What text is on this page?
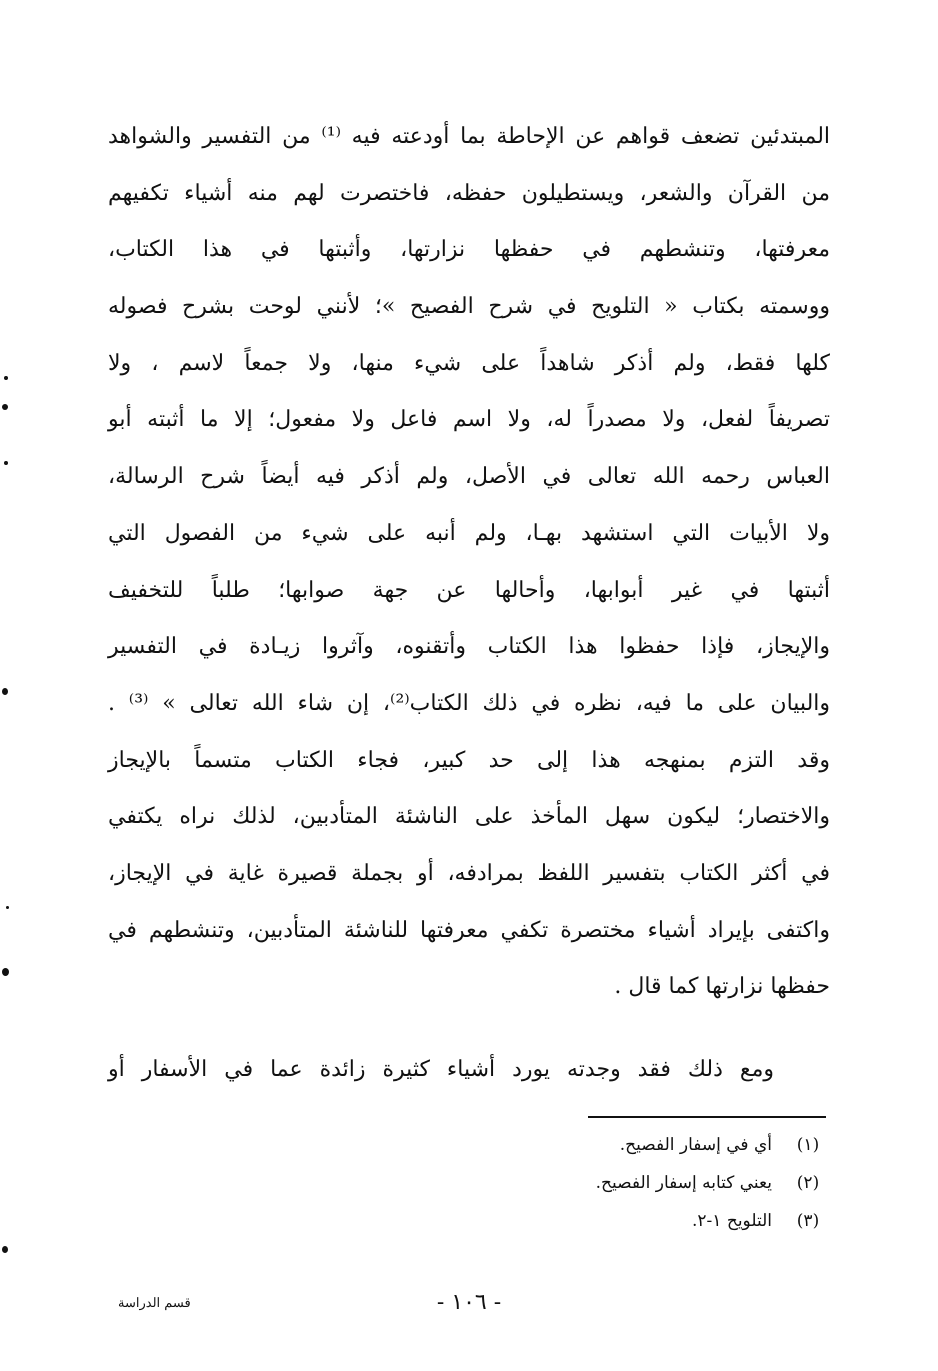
المبتدئين تضعف قواهم عن الإحاطة بما أودعته فيه ⁽¹⁾ من التفسير والشواهد
من القرآن والشعر، ويستطيلون حفظه، فاختصرت لهم منه أشياء تكفيهم
معرفتها، وتنشطهم في حفظها نزارتها، وأثبتها في هذا الكتاب،
ووسمته بكتاب « التلويح في شرح الفصيح »؛ لأنني لوحت بشرح فصوله
كلها فقط، ولم أذكر شاهداً على شيء منها، ولا جمعاً لاسم ، ولا
تصريفاً لفعل، ولا مصدراً له، ولا اسم فاعل ولا مفعول؛ إلا ما أثبته أبو
العباس رحمه الله تعالى في الأصل، ولم أذكر فيه أيضاً شرح الرسالة،
ولا الأبيات التي استشهد بهـا، ولم أنبه على شيء من الفصول التي
أثبتها في غير أبوابها، وأحالها عن جهة صوابها؛ طلباً للتخفيف
والإيجاز، فإذا حفظوا هذا الكتاب وأتقنوه، وآثروا زيـادة في التفسير
والبيان على ما فيه، نظره في ذلك الكتاب⁽²⁾، إن شاء الله تعالى » ⁽³⁾ .
وقد التزم بمنهجه هذا إلى حد كبير، فجاء الكتاب متسماً بالإيجاز
والاختصار؛ ليكون سهل المأخذ على الناشئة المتأدبين، لذلك نراه يكتفي
في أكثر الكتاب بتفسير اللفظ بمرادفه، أو بجملة قصيرة غاية في الإيجاز،
واكتفى بإيراد أشياء مختصرة تكفي معرفتها للناشئة المتأدبين، وتنشطهم في
حفظها نزارتها كما قال .
ومع ذلك فقد وجدته يورد أشياء كثيرة زائدة عما في الأسفار أو
(١)أي في إسفار الفصيح.
(٢)يعني كتابه إسفار الفصيح.
(٣)التلويح ١-٢.
- ١٠٦ -
قسم الدراسة
